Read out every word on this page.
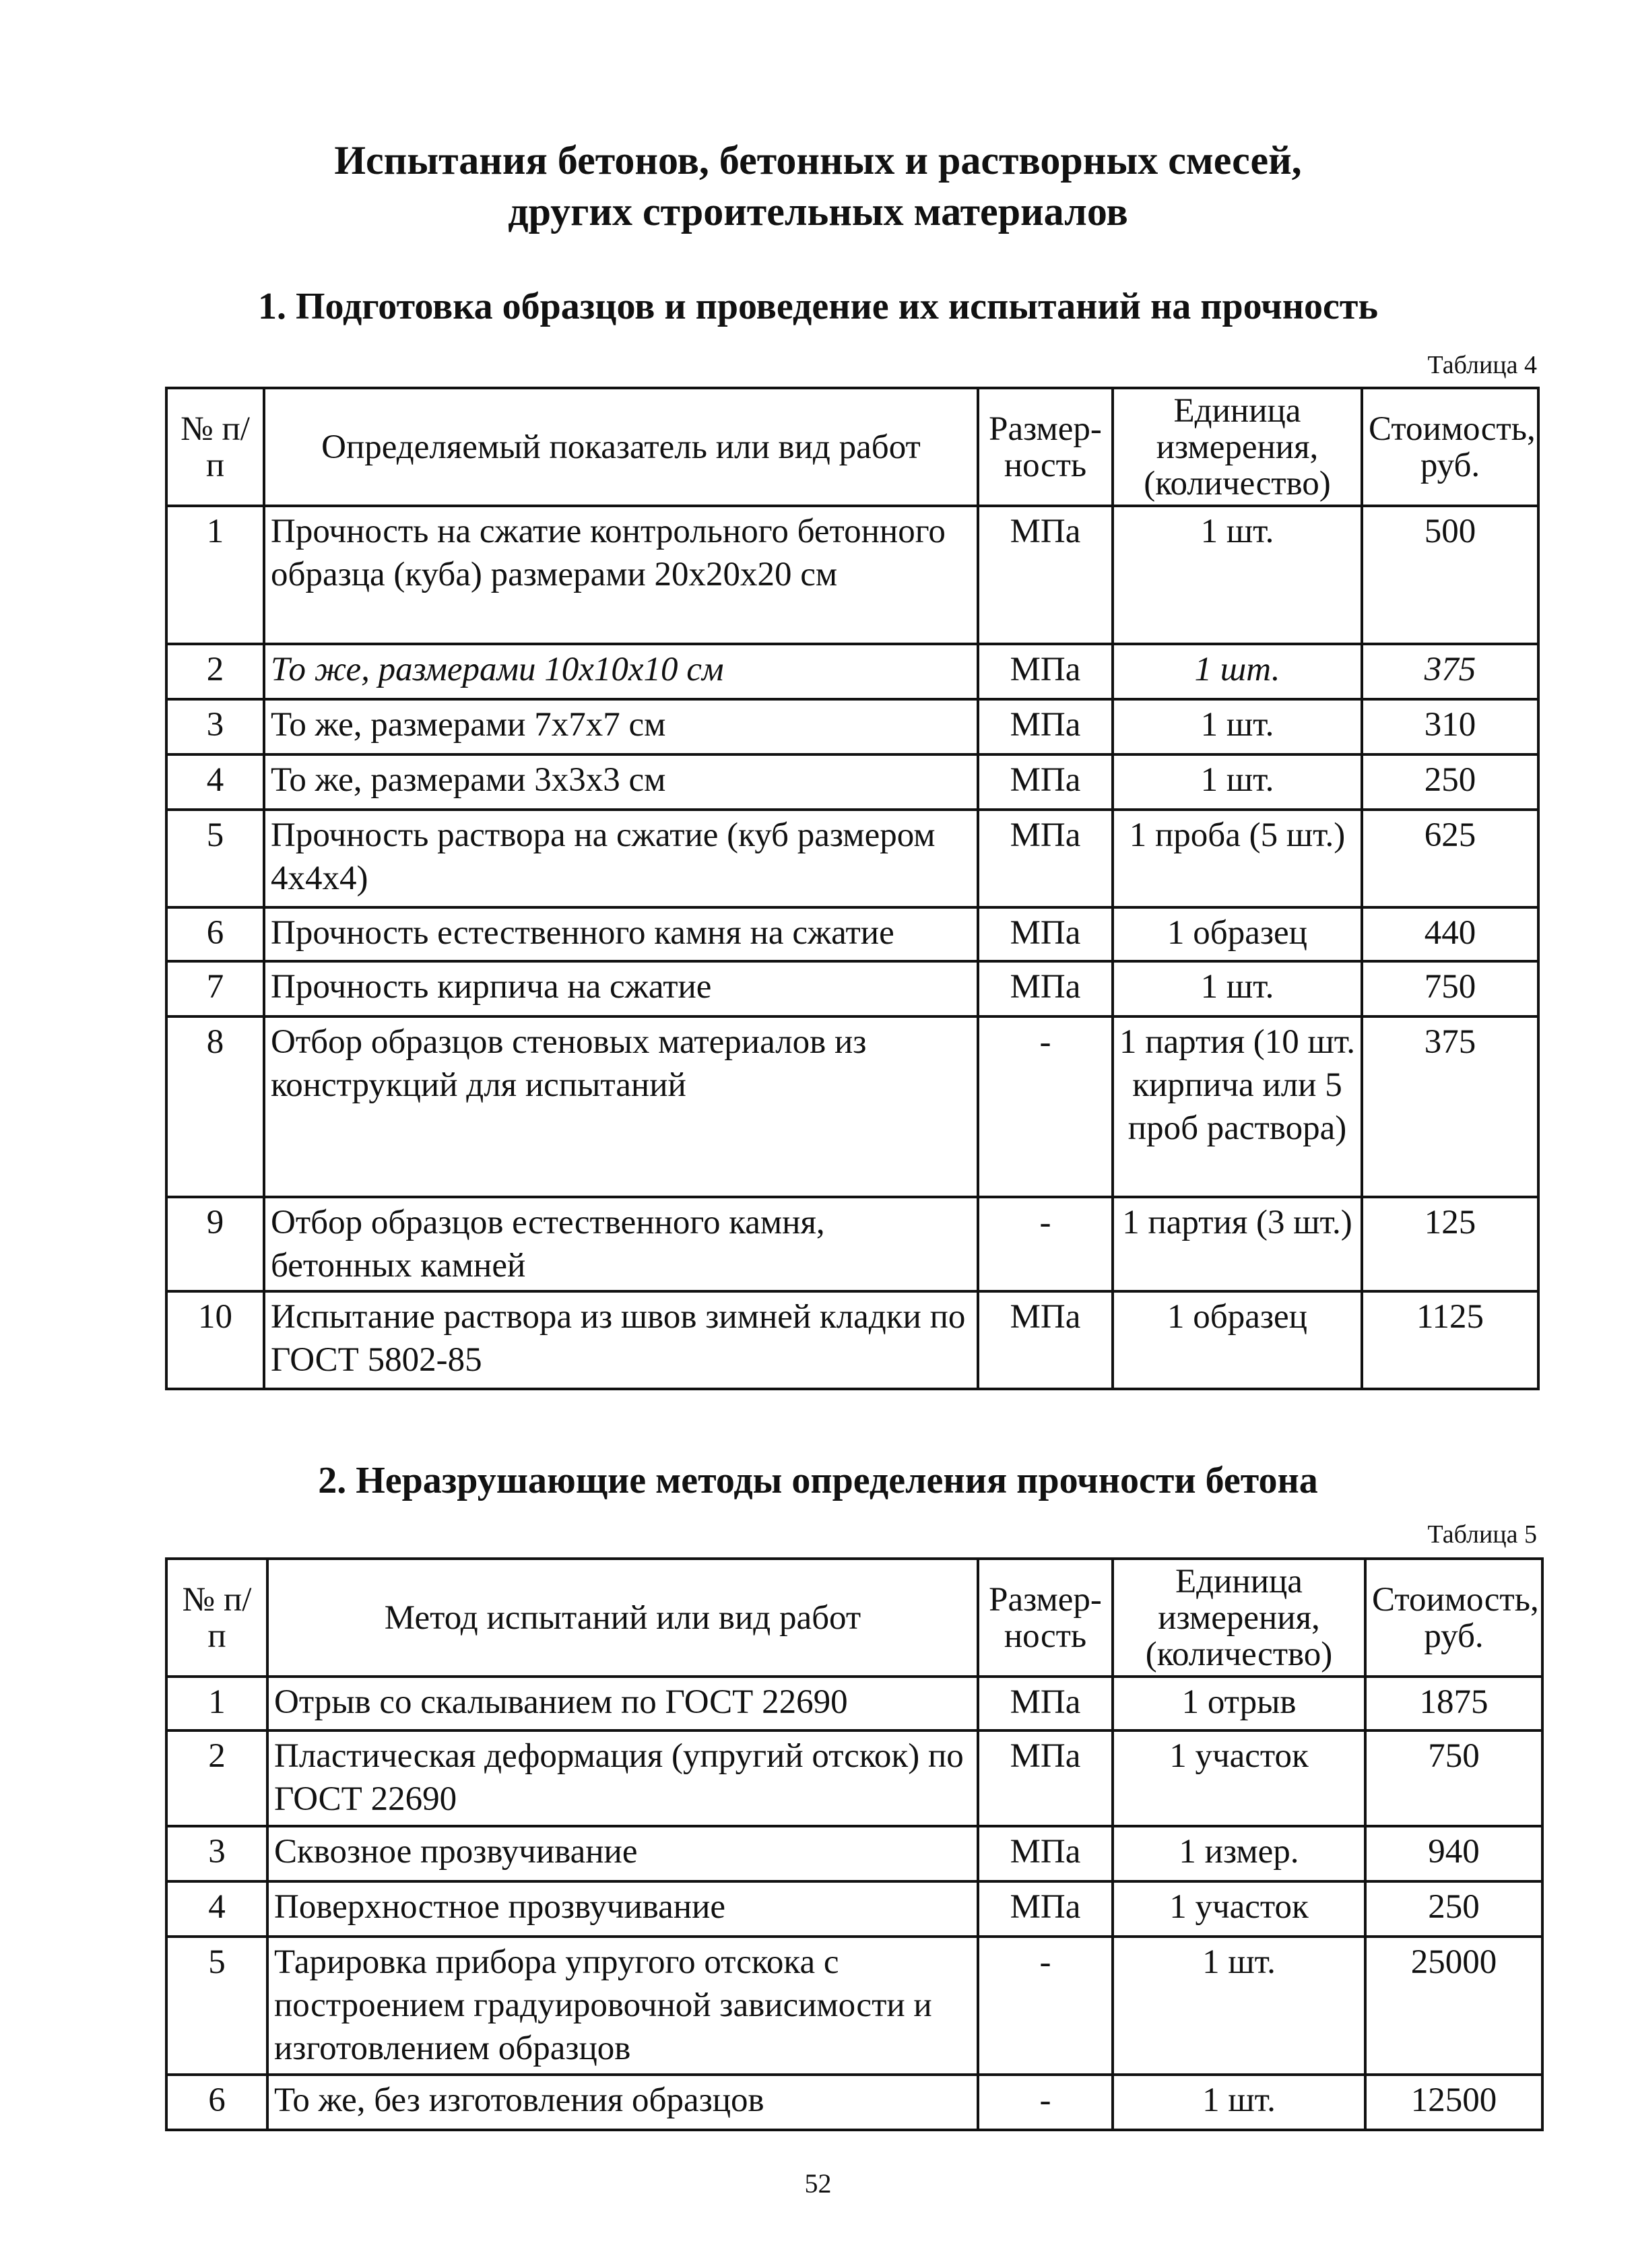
Испытания бетонов, бетонных и растворных смесей,
других строительных материалов
1. Подготовка образцов и проведение их испытаний на прочность
Таблица 4
№ п/п	Определяемый показатель или вид работ	Размер-ность	Единица измерения, (количество)	Стоимость, руб.
1	Прочность на сжатие контрольного бетонного образца (куба) размерами 20х20х20 см	МПа	1 шт.	500
2	То же, размерами 10х10х10 см	МПа	1 шт.	375
3	То же, размерами 7х7х7 см	МПа	1 шт.	310
4	То же, размерами 3х3х3 см	МПа	1 шт.	250
5	Прочность раствора на сжатие (куб размером 4х4х4)	МПа	1 проба (5 шт.)	625
6	Прочность естественного камня на сжатие	МПа	1 образец	440
7	Прочность кирпича на сжатие	МПа	1 шт.	750
8	Отбор образцов стеновых материалов из конструкций для испытаний	-	1 партия (10 шт. кирпича или 5 проб раствора)	375
9	Отбор образцов естественного камня, бетонных камней	-	1 партия (3 шт.)	125
10	Испытание раствора из швов зимней кладки по ГОСТ 5802-85	МПа	1 образец	1125
2. Неразрушающие методы определения прочности бетона
Таблица 5
№ п/п	Метод испытаний или вид работ	Размер-ность	Единица измерения, (количество)	Стоимость, руб.
1	Отрыв со скалыванием по ГОСТ 22690	МПа	1 отрыв	1875
2	Пластическая деформация (упругий отскок) по ГОСТ 22690	МПа	1 участок	750
3	Сквозное прозвучивание	МПа	1 измер.	940
4	Поверхностное прозвучивание	МПа	1 участок	250
5	Тарировка прибора упругого отскока с построением градуировочной зависимости и изготовлением образцов	-	1 шт.	25000
6	То же, без изготовления образцов	-	1 шт.	12500
52
